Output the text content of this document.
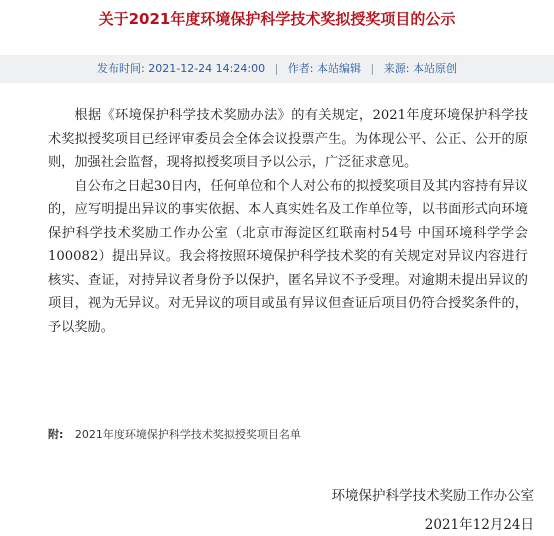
关于2021年度环境保护科学技术奖拟授奖项目的公示
发布时间: 2021-12-24 14:24:00 | 作者: 本站编辑 | 来源: 本站原创

根据《环境保护科学技术奖励办法》的有关规定，2021年度环境保护科学技术奖拟授奖项目已经评审委员会全体会议投票产生。为体现公平、公正、公开的原则，加强社会监督，现将拟授奖项目予以公示，广泛征求意见。

自公布之日起30日内，任何单位和个人对公布的拟授奖项目及其内容持有异议的，应写明提出异议的事实依据、本人真实姓名及工作单位等，以书面形式向环境保护科学技术奖励工作办公室（北京市海淀区红联南村54号 中国环境科学学会 100082）提出异议。我会将按照环境保护科学技术奖的有关规定对异议内容进行核实、查证，对持异议者身份予以保护，匿名异议不予受理。对逾期未提出异议的项目，视为无异议。对无异议的项目或虽有异议但查证后项目仍符合授奖条件的，予以奖励。

附: 2021年度环境保护科学技术奖拟授奖项目名单
环境保护科学技术奖励工作办公室
2021年12月24日
